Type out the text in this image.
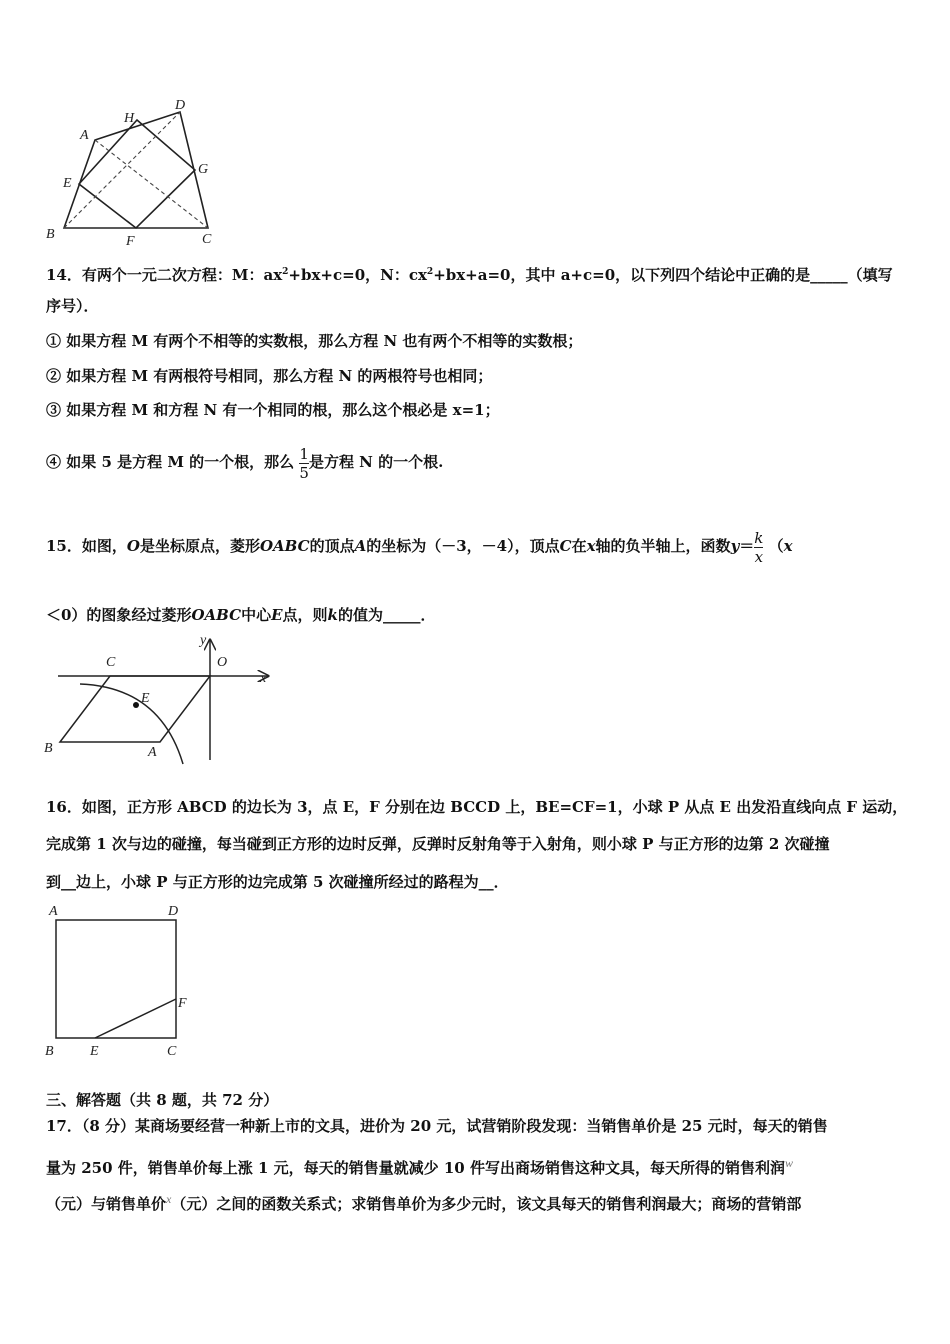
A
H
D
E
G
B	F	C
14．有两个一元二次方程：M：$ax^2+bx+c=0$，N：$cx^2+bx+a=0$，其中 a+c=0，以下列四个结论中正确的是_____（填写
序号）．
① 如果方程 M 有两个不相等的实数根，那么方程 N 也有两个不相等的实数根；
② 如果方程 M 有两根符号相同，那么方程 N 的两根符号也相同；
③ 如果方程 M 和方程 N 有一个相同的根，那么这个根必是 x=1；
④ 如果 5 是方程 M 的一个根，那么 $\frac{1}{5}$ 是方程 N 的一个根.
15．如图，O是坐标原点，菱形OABC的顶点A的坐标为（－3，－4），顶点C在x轴的负半轴上，函数$y= \frac{k}{x} (x$
＜0）的图象经过菱形OABC中心E点，则k的值为_____．
C	O
x
y
E
B	A
16．如图，正方形 ABCD 的边长为 3，点 E，F 分别在边 BCCD 上，BE=CF=1，小球 P 从点 E 出发沿直线向点 F 运动，
完成第 1 次与边的碰撞，每当碰到正方形的边时反弹，反弹时反射角等于入射角，则小球 P 与正方形的边第 2 次碰撞
到__边上，小球 P 与正方形的边完成第 5 次碰撞所经过的路程为__．
A	D
F
B	E	C
三、解答题（共 8 题，共 72 分）
17．（8 分）某商场要经营一种新上市的文具，进价为 20 元，试营销阶段发现：当销售单价是 25 元时，每天的销售
量为 250 件，销售单价每上涨 1 元，每天的销售量就减少 10 件写出商场销售这种文具，每天所得的销售利润$^w$
（元）与销售单价$^x$（元）之间的函数关系式；求销售单价为多少元时，该文具每天的销售利润最大；商场的营销部
